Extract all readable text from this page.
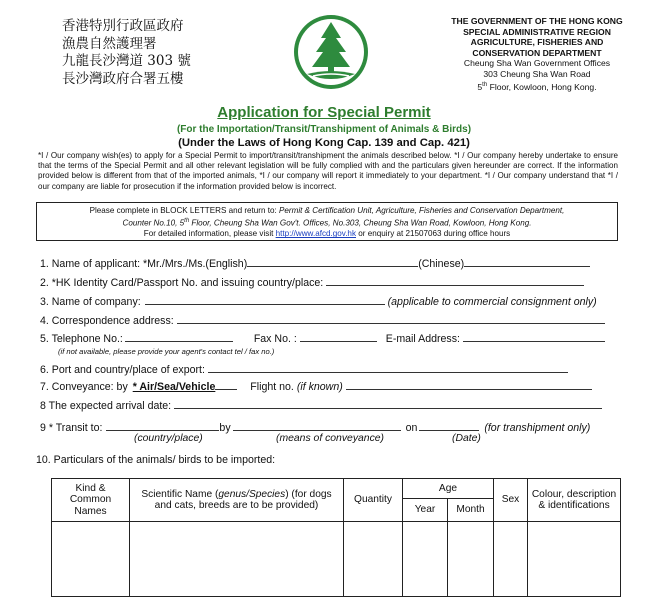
香港特別行政區政府
漁農自然護理署
九龍長沙灣道 303 號
長沙灣政府合署五樓
THE GOVERNMENT OF THE HONG KONG
SPECIAL ADMINISTRATIVE REGION
AGRICULTURE, FISHERIES AND
CONSERVATION DEPARTMENT
Cheung Sha Wan Government Offices
303 Cheung Sha Wan Road
5th Floor, Kowloon, Hong Kong.
Application for Special Permit
(For the Importation/Transit/Transhipment of Animals & Birds)
(Under the Laws of Hong Kong Cap. 139 and Cap. 421)
*I / Our company wish(es) to apply for a Special Permit to import/transit/transhipment the animals described below. *I / Our company hereby undertake to ensure that the terms of the Special Permit and all other relevant legislation will be fully complied with and the particulars given hereunder are correct. If the information provided below is different from that of the imported animals, *I / our company will report it immediately to your department. *I / Our company understand that *I / our company are liable for prosecution if the information provided below is incorrect.
Please complete in BLOCK LETTERS and return to: Permit & Certification Unit, Agriculture, Fisheries and Conservation Department,
Counter No.10, 5th Floor, Cheung Sha Wan Gov't. Offices, No.303, Cheung Sha Wan Road, Kowloon, Hong Kong.
For detailed information, please visit http://www.afcd.gov.hk or enquiry at 21507063 during office hours
1. Name of applicant: *Mr./Mrs./Ms.(English)	(Chinese)
2. *HK Identity Card/Passport No. and issuing country/place:
3. Name of company:	(applicable to commercial consignment only)
4. Correspondence address:
5. Telephone No.:	Fax No. :	E-mail Address:
(if not available, please provide your agent's contact tel / fax no.)
6. Port and country/place of export:
7. Conveyance: by * Air/Sea/Vehicle	Flight no. (if known)
8 The expected arrival date:
9 * Transit to:	by	on	(for transhipment only)
(country/place)	(means of conveyance)	(Date)
10. Particulars of the animals/ birds to be imported:
Kind & Common Names	Scientific Name (genus/Species) (for dogs and cats, breeds are to be provided)	Quantity	Age		Sex	Colour, description & identifications
			Year	Month		
